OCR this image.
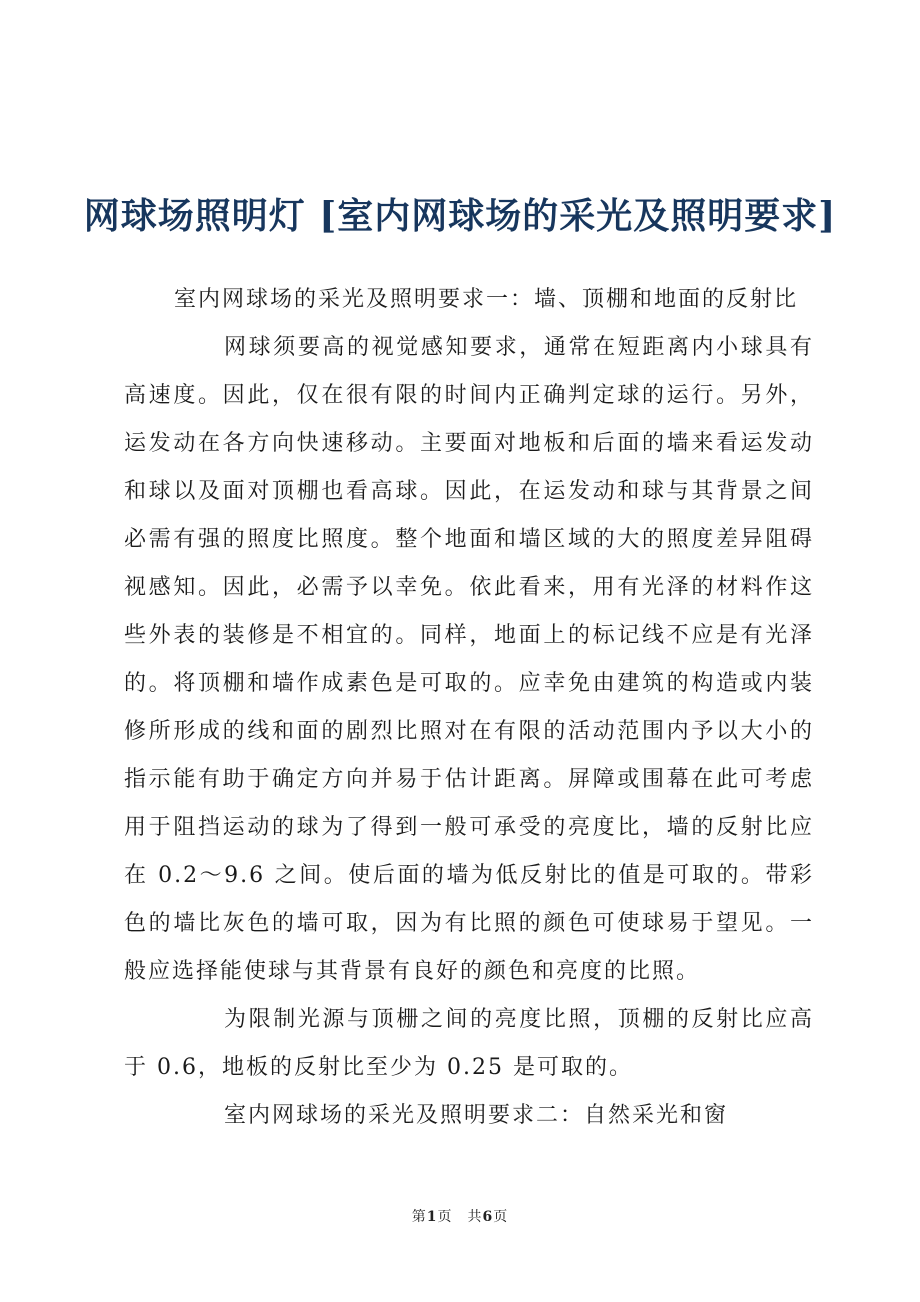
网球场照明灯 [室内网球场的采光及照明要求]

室内网球场的采光及照明要求一：墙、顶棚和地面的反射比

网球须要高的视觉感知要求，通常在短距离内小球具有高速度。因此，仅在很有限的时间内正确判定球的运行。另外，运发动在各方向快速移动。主要面对地板和后面的墙来看运发动和球以及面对顶棚也看高球。因此，在运发动和球与其背景之间必需有强的照度比照度。整个地面和墙区域的大的照度差异阻碍视感知。因此，必需予以幸免。依此看来，用有光泽的材料作这些外表的装修是不相宜的。同样，地面上的标记线不应是有光泽的。将顶棚和墙作成素色是可取的。应幸免由建筑的构造或内装修所形成的线和面的剧烈比照对在有限的活动范围内予以大小的指示能有助于确定方向并易于估计距离。屏障或围幕在此可考虑用于阻挡运动的球为了得到一般可承受的亮度比，墙的反射比应在 0.2～9.6 之间。使后面的墙为低反射比的值是可取的。带彩色的墙比灰色的墙可取，因为有比照的颜色可使球易于望见。一般应选择能使球与其背景有良好的颜色和亮度的比照。

为限制光源与顶栅之间的亮度比照，顶棚的反射比应高于 0.6，地板的反射比至少为 0.25 是可取的。

室内网球场的采光及照明要求二：自然采光和窗

第1页　共6页
